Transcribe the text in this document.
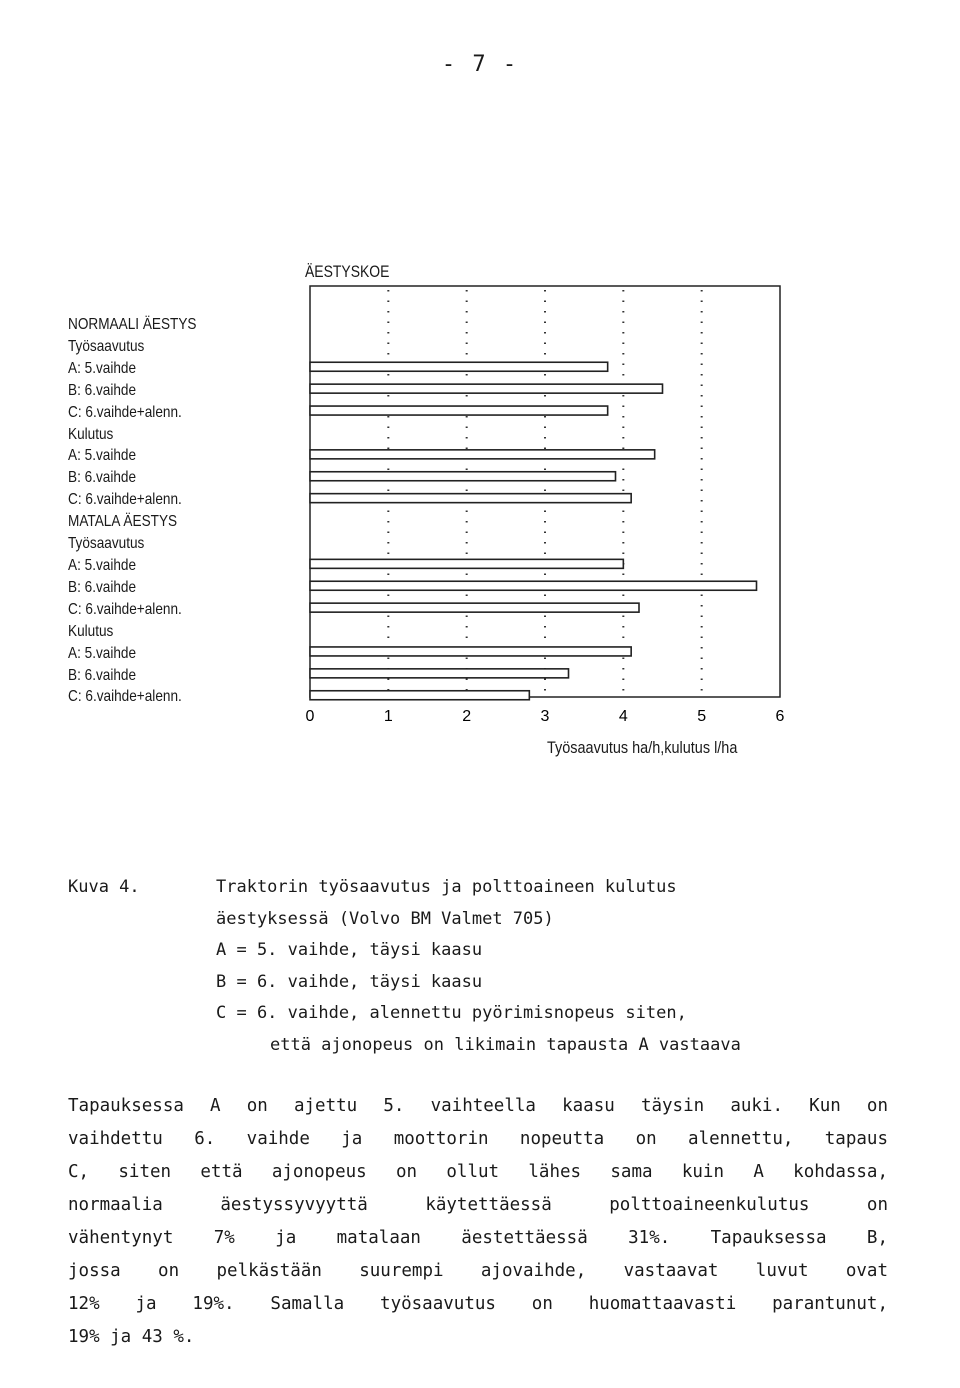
- 7 -
ÄESTYSKOE
NORMAALI ÄESTYS
Työsaavutus
A: 5.vaihde
B: 6.vaihde
C: 6.vaihde+alenn.
Kulutus
A: 5.vaihde
B: 6.vaihde
C: 6.vaihde+alenn.
MATALA ÄESTYS
Työsaavutus
A: 5.vaihde
B: 6.vaihde
C: 6.vaihde+alenn.
Kulutus
A: 5.vaihde
B: 6.vaihde
C: 6.vaihde+alenn.
0	1	2	3	4	5	6
Työsaavutus ha/h,kulutus l/ha
Kuva 4.	Traktorin työsaavutus ja polttoaineen kulutus
äestyksessä (Volvo BM Valmet 705)
A = 5. vaihde, täysi kaasu
B = 6. vaihde, täysi kaasu
C = 6. vaihde, alennettu pyörimisnopeus siten,
että ajonopeus on likimain tapausta A vastaava
Tapauksessa A on ajettu 5. vaihteella kaasu täysin auki. Kun on
vaihdettu 6. vaihde ja moottorin nopeutta on alennettu, tapaus
C, siten että ajonopeus on ollut lähes sama kuin A kohdassa,
normaalia äestyssyvyyttä käytettäessä polttoaineenkulutus on
vähentynyt 7% ja matalaan äestettäessä 31%. Tapauksessa B,
jossa on pelkästään suurempi ajovaihde, vastaavat luvut ovat
12% ja 19%. Samalla työsaavutus on huomattaavasti parantunut,
19% ja 43 %.
